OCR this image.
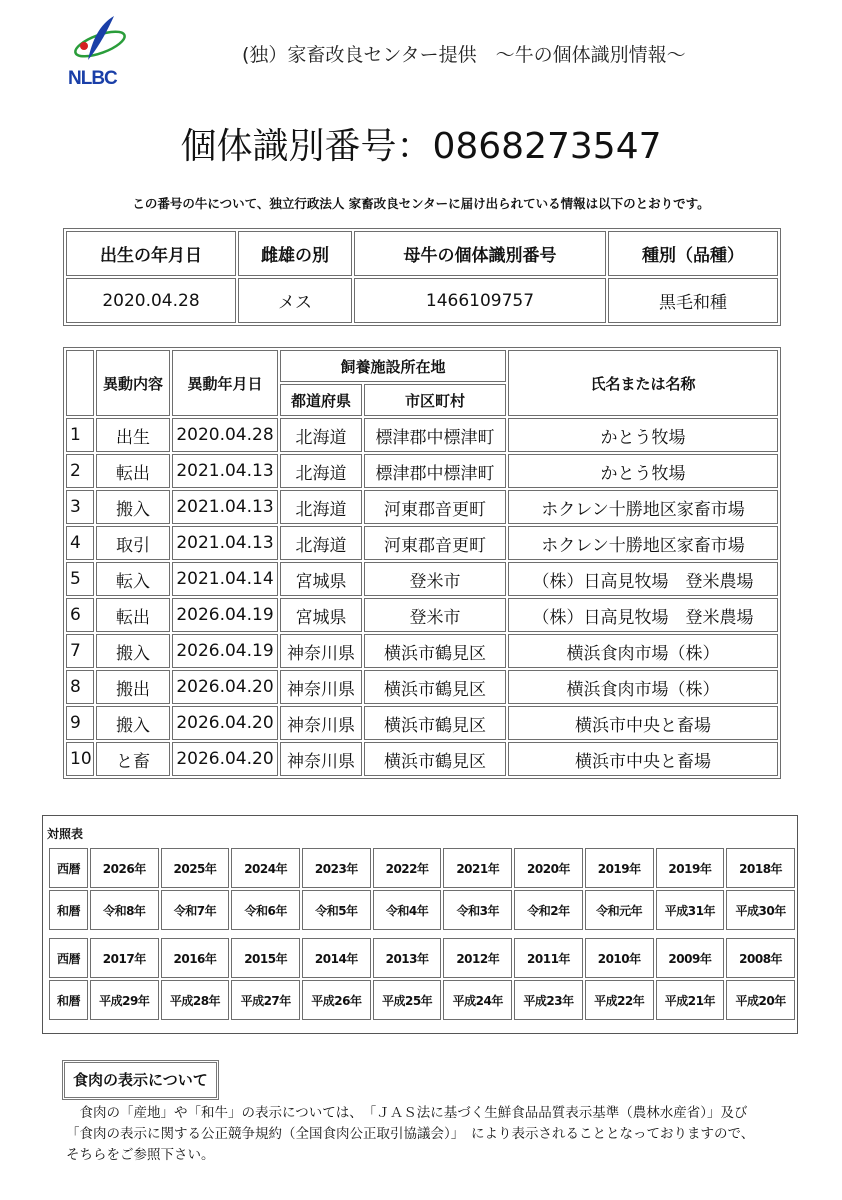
NLBC
(独）家畜改良センター提供　～牛の個体識別情報～
個体識別番号：0868273547
この番号の牛について、独立行政法人 家畜改良センターに届け出られている情報は以下のとおりです。
出生の年月日	雌雄の別	母牛の個体識別番号	種別（品種）
2020.04.28	メス	1466109757	黒毛和種
	異動内容	異動年月日	飼養施設所在地		氏名または名称
			都道府県	市区町村	
1	出生	2020.04.28	北海道	標津郡中標津町	かとう牧場
2	転出	2021.04.13	北海道	標津郡中標津町	かとう牧場
3	搬入	2021.04.13	北海道	河東郡音更町	ホクレン十勝地区家畜市場
4	取引	2021.04.13	北海道	河東郡音更町	ホクレン十勝地区家畜市場
5	転入	2021.04.14	宮城県	登米市	（株）日高見牧場　登米農場
6	転出	2026.04.19	宮城県	登米市	（株）日高見牧場　登米農場
7	搬入	2026.04.19	神奈川県	横浜市鶴見区	横浜食肉市場（株）
8	搬出	2026.04.20	神奈川県	横浜市鶴見区	横浜食肉市場（株）
9	搬入	2026.04.20	神奈川県	横浜市鶴見区	横浜市中央と畜場
10	と畜	2026.04.20	神奈川県	横浜市鶴見区	横浜市中央と畜場
対照表
西暦	2026年	2025年	2024年	2023年	2022年	2021年	2020年	2019年	2019年	2018年
和暦	令和8年	令和7年	令和6年	令和5年	令和4年	令和3年	令和2年	令和元年	平成31年	平成30年

西暦	2017年	2016年	2015年	2014年	2013年	2012年	2011年	2010年	2009年	2008年
和暦	平成29年	平成28年	平成27年	平成26年	平成25年	平成24年	平成23年	平成22年	平成21年	平成20年
食肉の表示について
　食肉の「産地」や「和牛」の表示については、　「ＪＡＳ法に基づく生鮮食品品質表示基準（農林水産省）」及び「食肉の表示に関する公正競争規約（全国食肉公正取引協議会）」　により表示されることとなっておりますので、そちらをご参照下さい。
